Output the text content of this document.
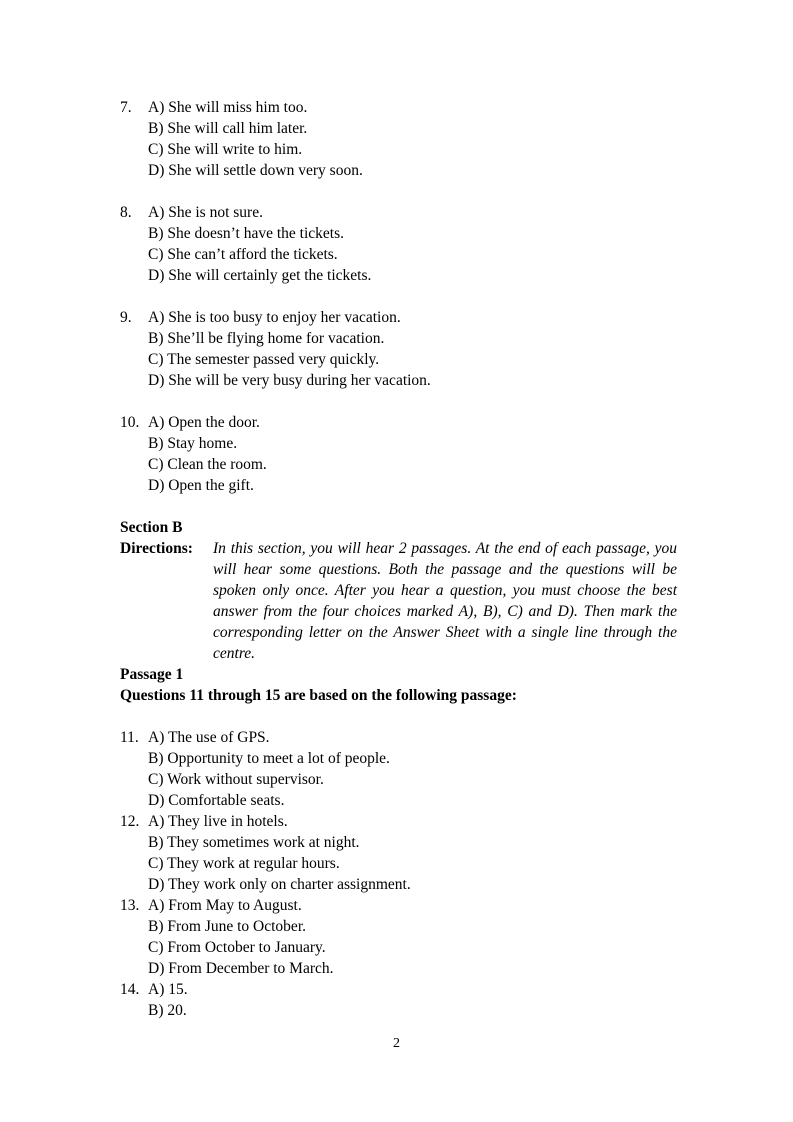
7.	A) She will miss him too.
B) She will call him later.
C) She will write to him.
D) She will settle down very soon.
8.	A) She is not sure.
B) She doesn’t have the tickets.
C) She can’t afford the tickets.
D) She will certainly get the tickets.
9.	A) She is too busy to enjoy her vacation.
B) She’ll be flying home for vacation.
C) The semester passed very quickly.
D) She will be very busy during her vacation.
10. A) Open the door.
B) Stay home.
C) Clean the room.
D) Open the gift.
Section B
Directions:	In this section, you will hear 2 passages. At the end of each passage, you will hear some questions. Both the passage and the questions will be spoken only once. After you hear a question, you must choose the best answer from the four choices marked A), B), C) and D). Then mark the corresponding letter on the Answer Sheet with a single line through the centre.
Passage 1
Questions 11 through 15 are based on the following passage:
11. A) The use of GPS.
B) Opportunity to meet a lot of people.
C) Work without supervisor.
D) Comfortable seats.
12. A) They live in hotels.
B) They sometimes work at night.
C) They work at regular hours.
D) They work only on charter assignment.
13. A) From May to August.
B) From June to October.
C) From October to January.
D) From December to March.
14. A) 15.
B) 20.
2
